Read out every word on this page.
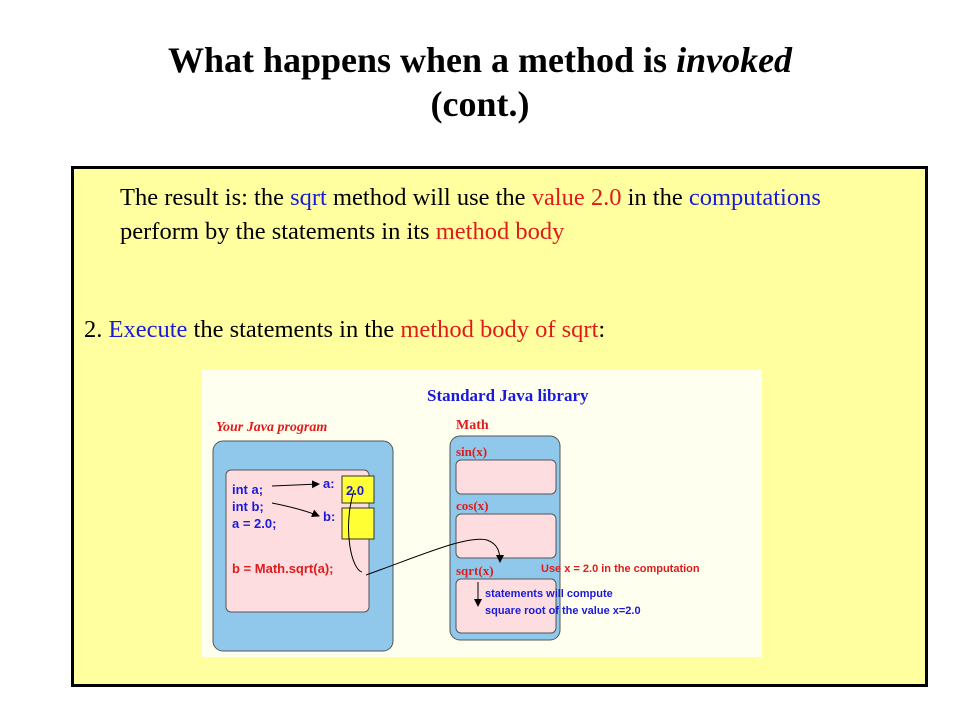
What happens when a method is invoked
(cont.)
The result is: the sqrt method will use the value 2.0 in the computations perform by the statements in its method body
2. Execute the statements in the method body of sqrt:
Standard Java library
Your Java program
int a;
int b;
a = 2.0;
b = Math.sqrt(a);
a:
b:
2.0
Math
sin(x)
cos(x)
sqrt(x)	Use x = 2.0 in the computation
statements will compute
square root of the value x=2.0
